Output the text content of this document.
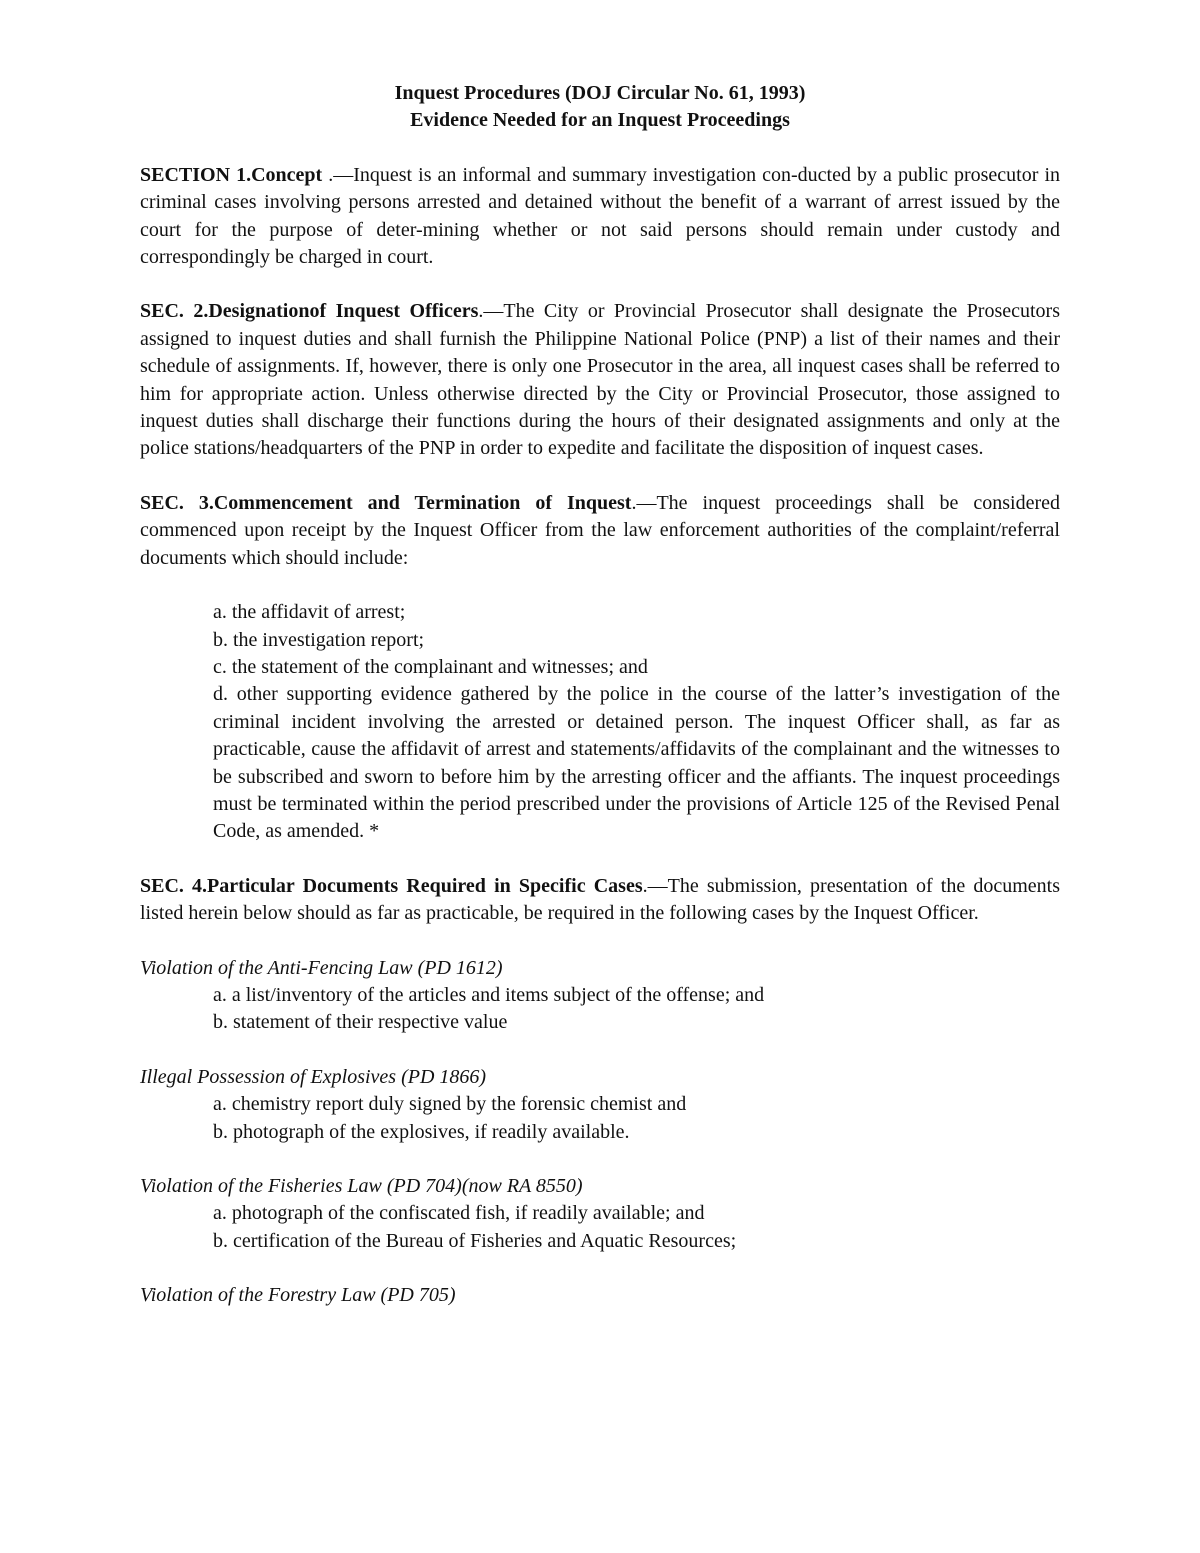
Inquest Procedures (DOJ Circular No. 61, 1993)

Evidence Needed for an Inquest Proceedings

SECTION 1.Concept .—Inquest is an informal and summary investigation con-ducted by a public prosecutor in criminal cases involving persons arrested and detained without the benefit of a warrant of arrest issued by the court for the purpose of deter-mining whether or not said persons should remain under custody and correspondingly be charged in court.

SEC. 2.Designationof Inquest Officers.—The City or Provincial Prosecutor shall designate the Prosecutors assigned to inquest duties and shall furnish the Philippine National Police (PNP) a list of their names and their schedule of assignments. If, however, there is only one Prosecutor in the area, all inquest cases shall be referred to him for appropriate action. Unless otherwise directed by the City or Provincial Prosecutor, those assigned to inquest duties shall discharge their functions during the hours of their designated assignments and only at the police stations/headquarters of the PNP in order to expedite and facilitate the disposition of inquest cases.

SEC. 3.Commencement and Termination of Inquest.—The inquest proceedings shall be considered commenced upon receipt by the Inquest Officer from the law enforcement authorities of the complaint/referral documents which should include:

a. the affidavit of arrest;
b. the investigation report;
c. the statement of the complainant and witnesses; and
d. other supporting evidence gathered by the police in the course of the latter’s investigation of the criminal incident involving the arrested or detained person. The inquest Officer shall, as far as practicable, cause the affidavit of arrest and statements/affidavits of the complainant and the witnesses to be subscribed and sworn to before him by the arresting officer and the affiants. The inquest proceedings must be terminated within the period prescribed under the provisions of Article 125 of the Revised Penal Code, as amended. *

SEC. 4.Particular Documents Required in Specific Cases.—The submission, presentation of the documents listed herein below should as far as practicable, be required in the following cases by the Inquest Officer.

Violation of the Anti-Fencing Law (PD 1612)

a. a list/inventory of the articles and items subject of the offense; and
b. statement of their respective value

Illegal Possession of Explosives (PD 1866)

a. chemistry report duly signed by the forensic chemist and
b. photograph of the explosives, if readily available.

Violation of the Fisheries Law (PD 704)(now RA 8550)

a. photograph of the confiscated fish, if readily available; and
b. certification of the Bureau of Fisheries and Aquatic Resources;

Violation of the Forestry Law (PD 705)
